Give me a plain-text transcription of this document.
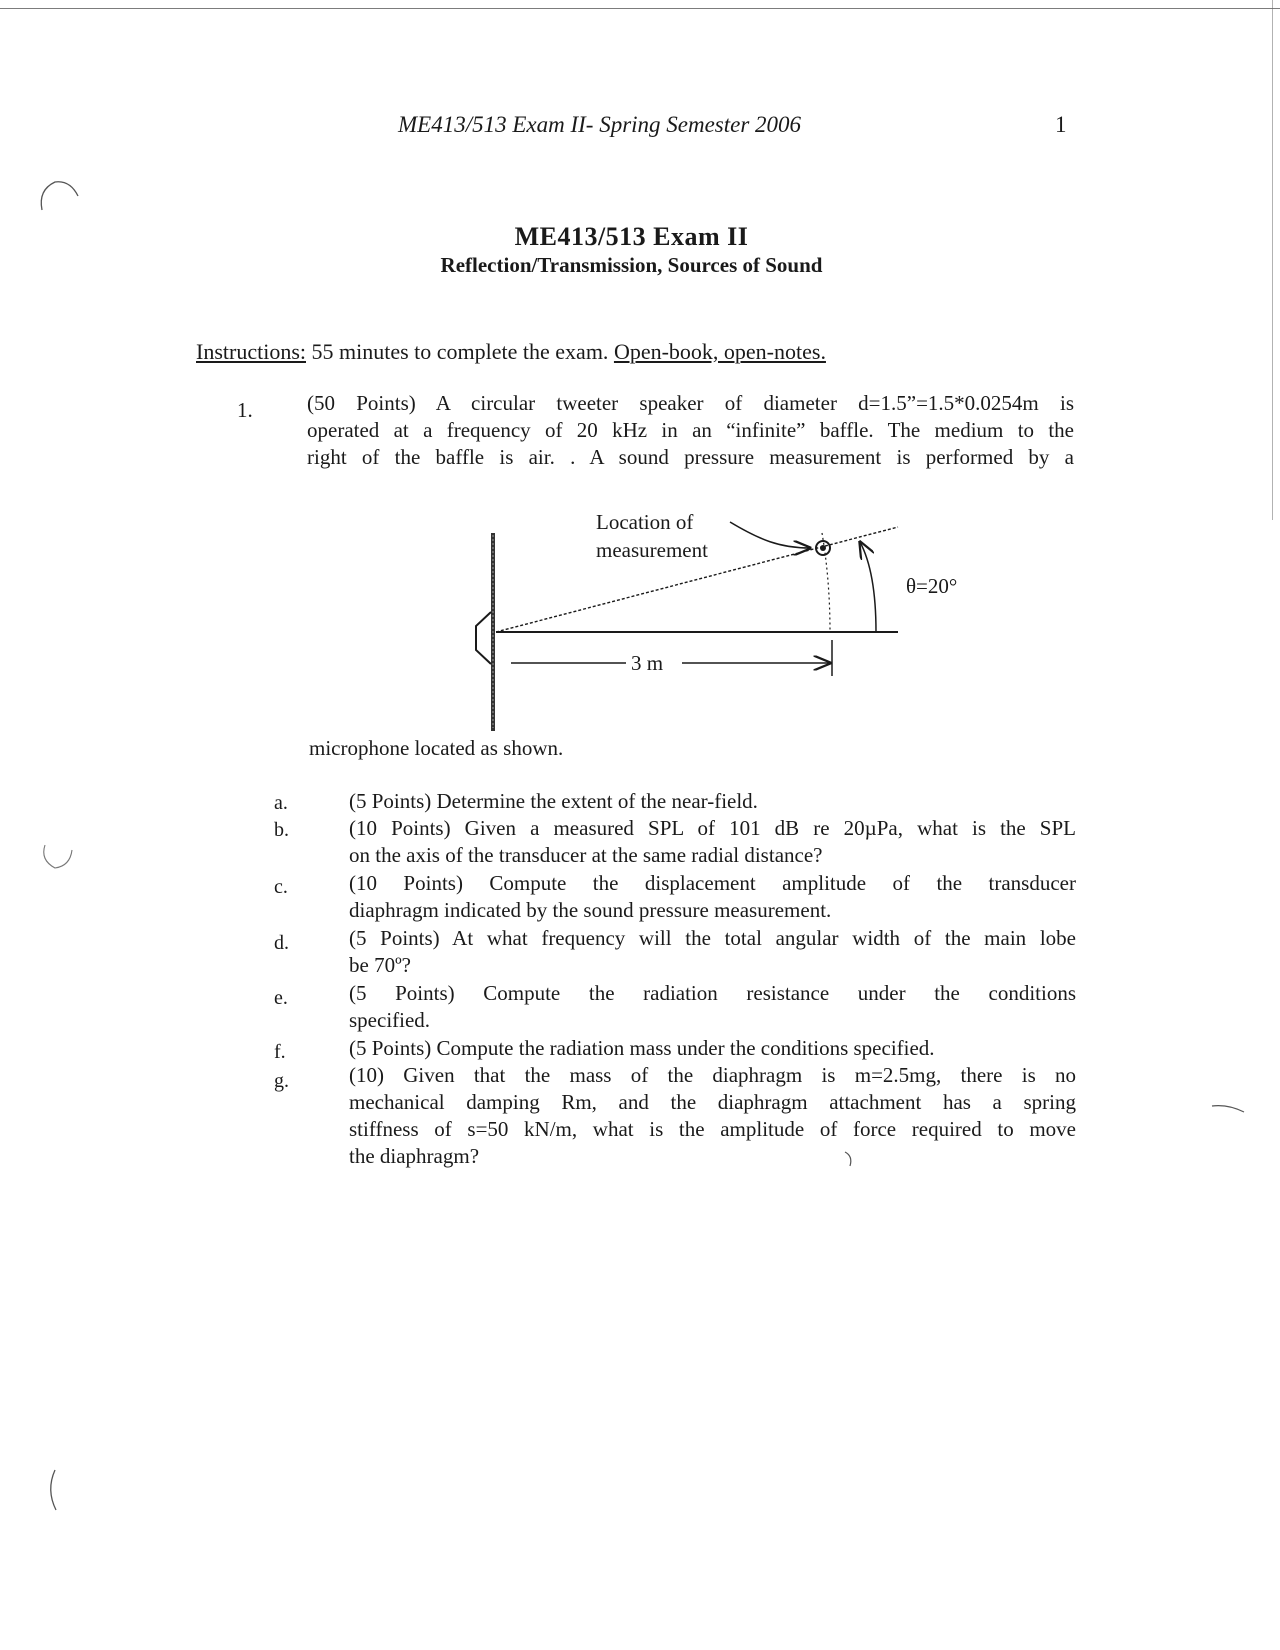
ME413/513 Exam II- Spring Semester 2006	1
ME413/513 Exam II
Reflection/Transmission, Sources of Sound
Instructions: 55 minutes to complete the exam. Open-book, open-notes.
1.	(50 Points) A circular tweeter speaker of diameter d=1.5”=1.5*0.0254m is
operated at a frequency of 20 kHz in an “infinite” baffle. The medium to the
right of the baffle is air. . A sound pressure measurement is performed by a
Location of
measurement
θ=20°
3 m
microphone located as shown.
a.	(5 Points) Determine the extent of the near-field.
b.	(10 Points) Given a measured SPL of 101 dB re 20µPa, what is the SPL
on the axis of the transducer at the same radial distance?
c.	(10 Points) Compute the displacement amplitude of the transducer
diaphragm indicated by the sound pressure measurement.
d.	(5 Points) At what frequency will the total angular width of the main lobe
be 70º?
e.	(5 Points) Compute the radiation resistance under the conditions
specified.
f.	(5 Points) Compute the radiation mass under the conditions specified.
g.	(10) Given that the mass of the diaphragm is m=2.5mg, there is no
mechanical damping Rm, and the diaphragm attachment has a spring
stiffness of s=50 kN/m, what is the amplitude of force required to move
the diaphragm?
